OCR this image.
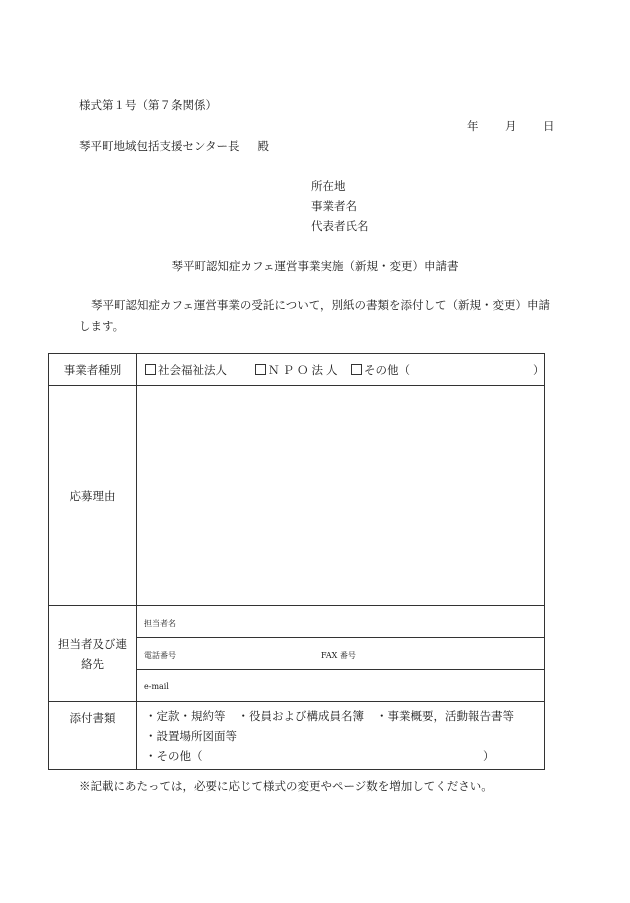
様式第１号（第７条関係）
年 月 日
琴平町地域包括支援センター長 殿
所在地
事業者名
代表者氏名
琴平町認知症カフェ運営事業実施（新規・変更）申請書
琴平町認知症カフェ運営事業の受託について，別紙の書類を添付して（新規・変更）申請します。
事業者種別	社会福祉法人	ＮＰＯ法人	その他（	）
応募理由
担当者及び連絡先
担当者名
電話番号	FAX 番号
e-mail
添付書類	・定款・規約等 ・役員および構成員名簿 ・事業概要，活動報告書等
・設置場所図面等
・その他（	）
※記載にあたっては，必要に応じて様式の変更やページ数を増加してください。
